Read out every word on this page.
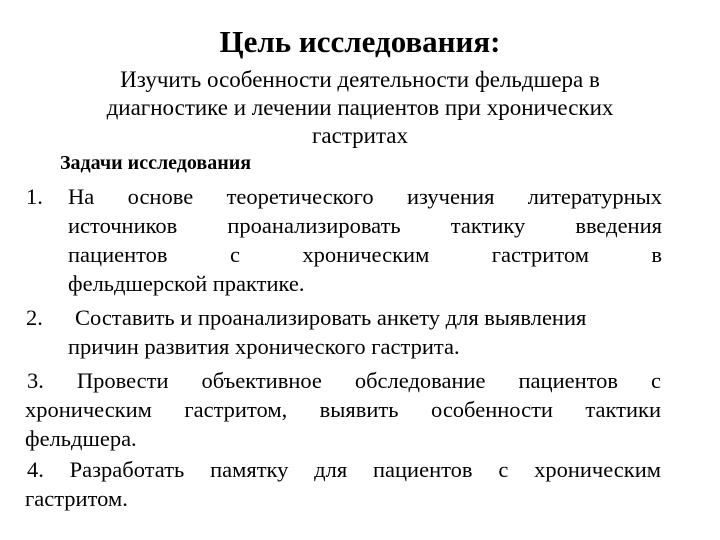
Цель исследования:
Изучить особенности деятельности фельдшера в
диагностике и лечении пациентов при хронических
гастритах
Задачи исследования
1. На основе теоретического изучения литературных
источников проанализировать тактику введения
пациентов с хроническим гастритом в
фельдшерской практике.
2. Составить и проанализировать анкету для выявления
причин развития хронического гастрита.
3. Провести объективное обследование пациентов с
хроническим гастритом, выявить особенности тактики
фельдшера.
4. Разработать памятку для пациентов с хроническим
гастритом.
